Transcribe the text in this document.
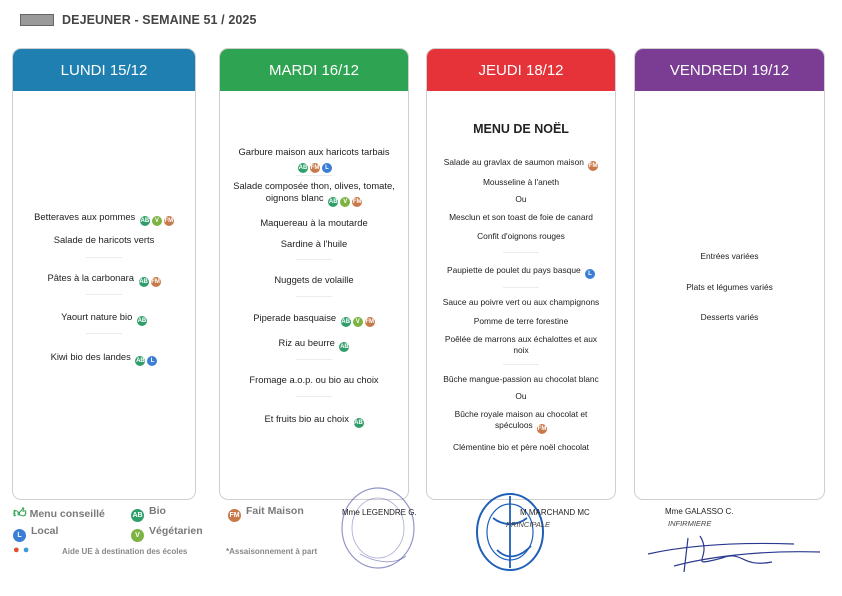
DEJEUNER - SEMAINE 51 / 2025
LUNDI 15/12
Betteraves aux pommes AB V FM
Salade de haricots verts
Pâtes à la carbonara AB FM
Yaourt nature bio AB
Kiwi bio des landes AB L
MARDI 16/12
Garbure maison aux haricots tarbais
AB FM L
Salade composée thon, olives, tomate, oignons blanc AB V FM
Maquereau à la moutarde
Sardine à l'huile
Nuggets de volaille
Piperade basquaise AB V FM
Riz au beurre AB
Fromage a.o.p. ou bio au choix
Et fruits bio au choix AB
JEUDI 18/12
MENU DE NOËL
Salade au gravlax de saumon maison FM
Mousseline à l'aneth
Ou
Mesclun et son toast de foie de canard
Confit d'oignons rouges
Paupiette de poulet du pays basque L
Sauce au poivre vert ou aux champignons
Pomme de terre forestine
Poêlée de marrons aux échalottes et aux noix
Bûche mangue-passion au chocolat blanc
Ou
Bûche royale maison au chocolat et spéculoos FM
Clémentine bio et père noël chocolat
VENDREDI 19/12
Entrées variées
Plats et légumes variés
Desserts variés
👍︎ Menu conseillé	AB Bio	FM Fait Maison
L Local	V Végétarien
● ●	Aide UE à destination des écoles	*Assaisonnement à part
Mme LEGENDRE G.	M MARCHAND MC
PRINCIPALE
Mme GALASSO C.
INFIRMIERE
